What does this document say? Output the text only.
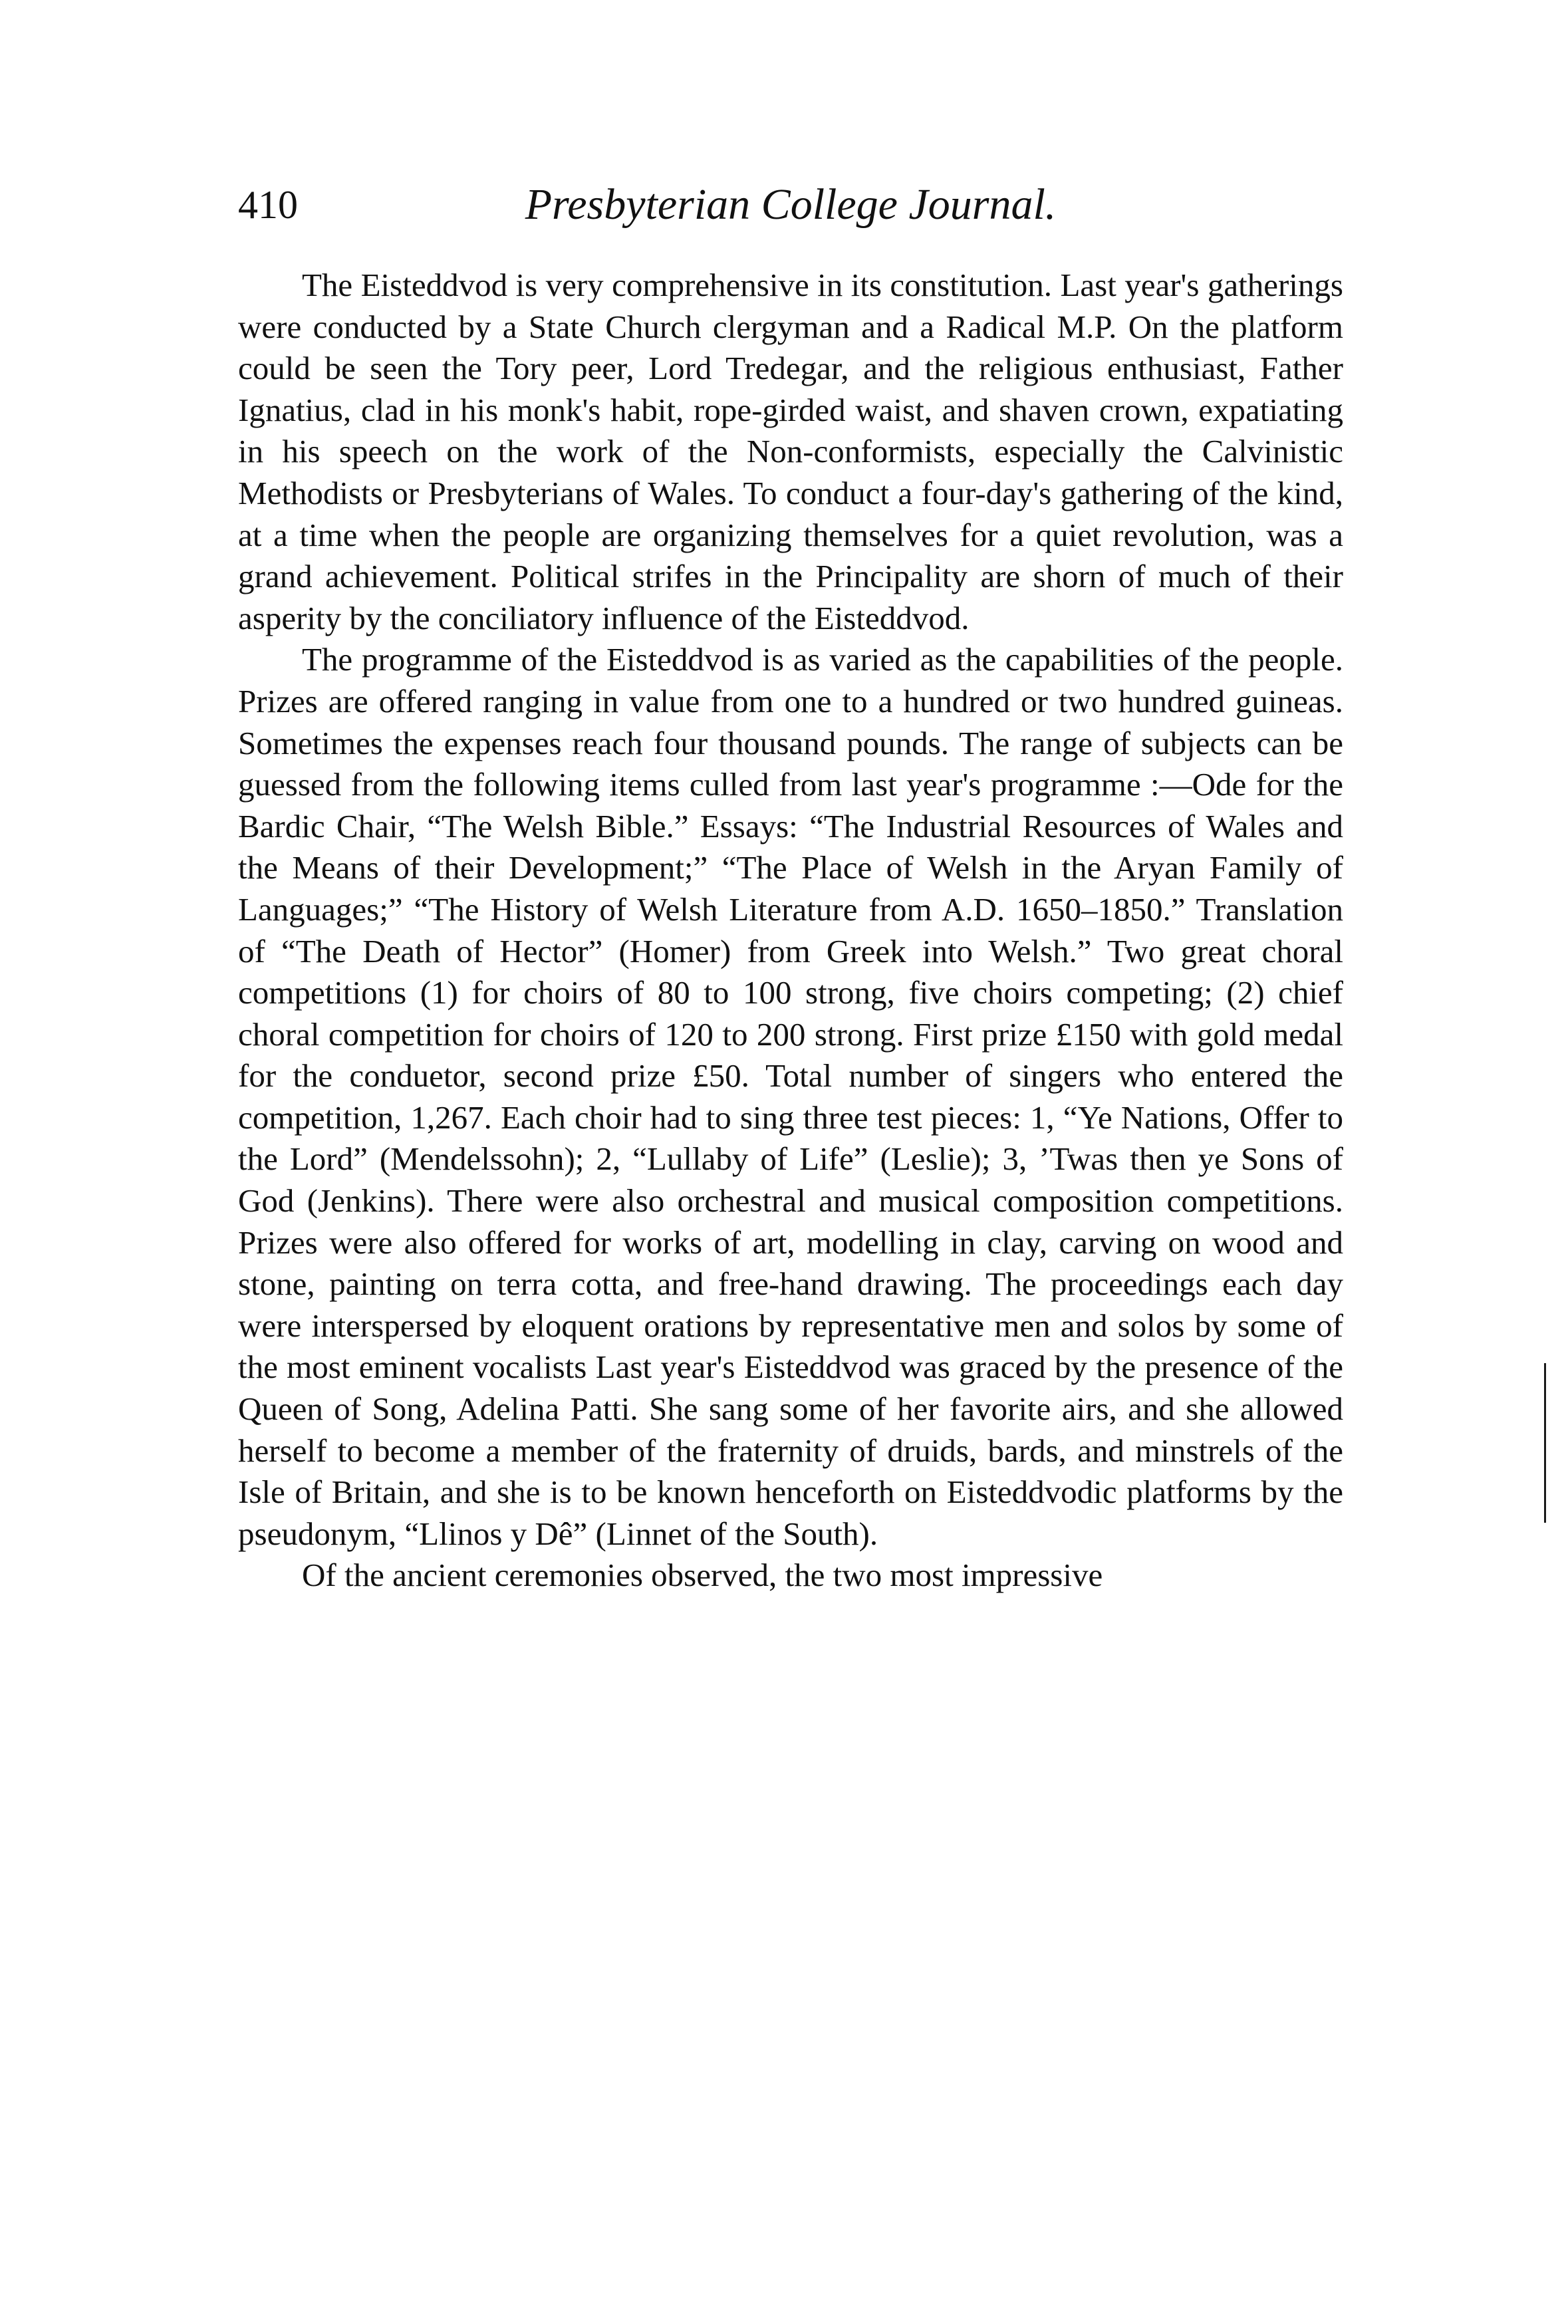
410	Presbyterian College Journal.

The Eisteddvod is very comprehensive in its constitution. Last year's gatherings were conducted by a State Church clergyman and a Radical M.P. On the platform could be seen the Tory peer, Lord Tredegar, and the religious enthusiast, Father Ignatius, clad in his monk's habit, rope-girded waist, and shaven crown, expatiating in his speech on the work of the Non-conformists, especially the Calvinistic Methodists or Presbyterians of Wales. To conduct a four-day's gathering of the kind, at a time when the people are organizing themselves for a quiet revolution, was a grand achievement. Political strifes in the Principality are shorn of much of their asperity by the conciliatory influence of the Eisteddvod.

The programme of the Eisteddvod is as varied as the capabilities of the people. Prizes are offered ranging in value from one to a hundred or two hundred guineas. Sometimes the expenses reach four thousand pounds. The range of subjects can be guessed from the following items culled from last year's programme :—Ode for the Bardic Chair, “The Welsh Bible.” Essays: “The Industrial Resources of Wales and the Means of their Development;” “The Place of Welsh in the Aryan Family of Languages;” “The History of Welsh Literature from A.D. 1650–1850.” Translation of “The Death of Hector” (Homer) from Greek into Welsh.” Two great choral competitions (1) for choirs of 80 to 100 strong, five choirs competing; (2) chief choral competition for choirs of 120 to 200 strong. First prize £150 with gold medal for the conduetor, second prize £50. Total number of singers who entered the competition, 1,267. Each choir had to sing three test pieces: 1, “Ye Nations, Offer to the Lord” (Mendelssohn); 2, “Lullaby of Life” (Leslie); 3, ’Twas then ye Sons of God (Jenkins). There were also orchestral and musical composition competitions. Prizes were also offered for works of art, modelling in clay, carving on wood and stone, painting on terra cotta, and free-hand drawing. The proceedings each day were interspersed by eloquent orations by representative men and solos by some of the most eminent vocalists Last year's Eisteddvod was graced by the presence of the Queen of Song, Adelina Patti. She sang some of her favorite airs, and she allowed herself to become a member of the fraternity of druids, bards, and minstrels of the Isle of Britain, and she is to be known henceforth on Eisteddvodic platforms by the pseudonym, “Llinos y Dê” (Linnet of the South).

Of the ancient ceremonies observed, the two most impressive
